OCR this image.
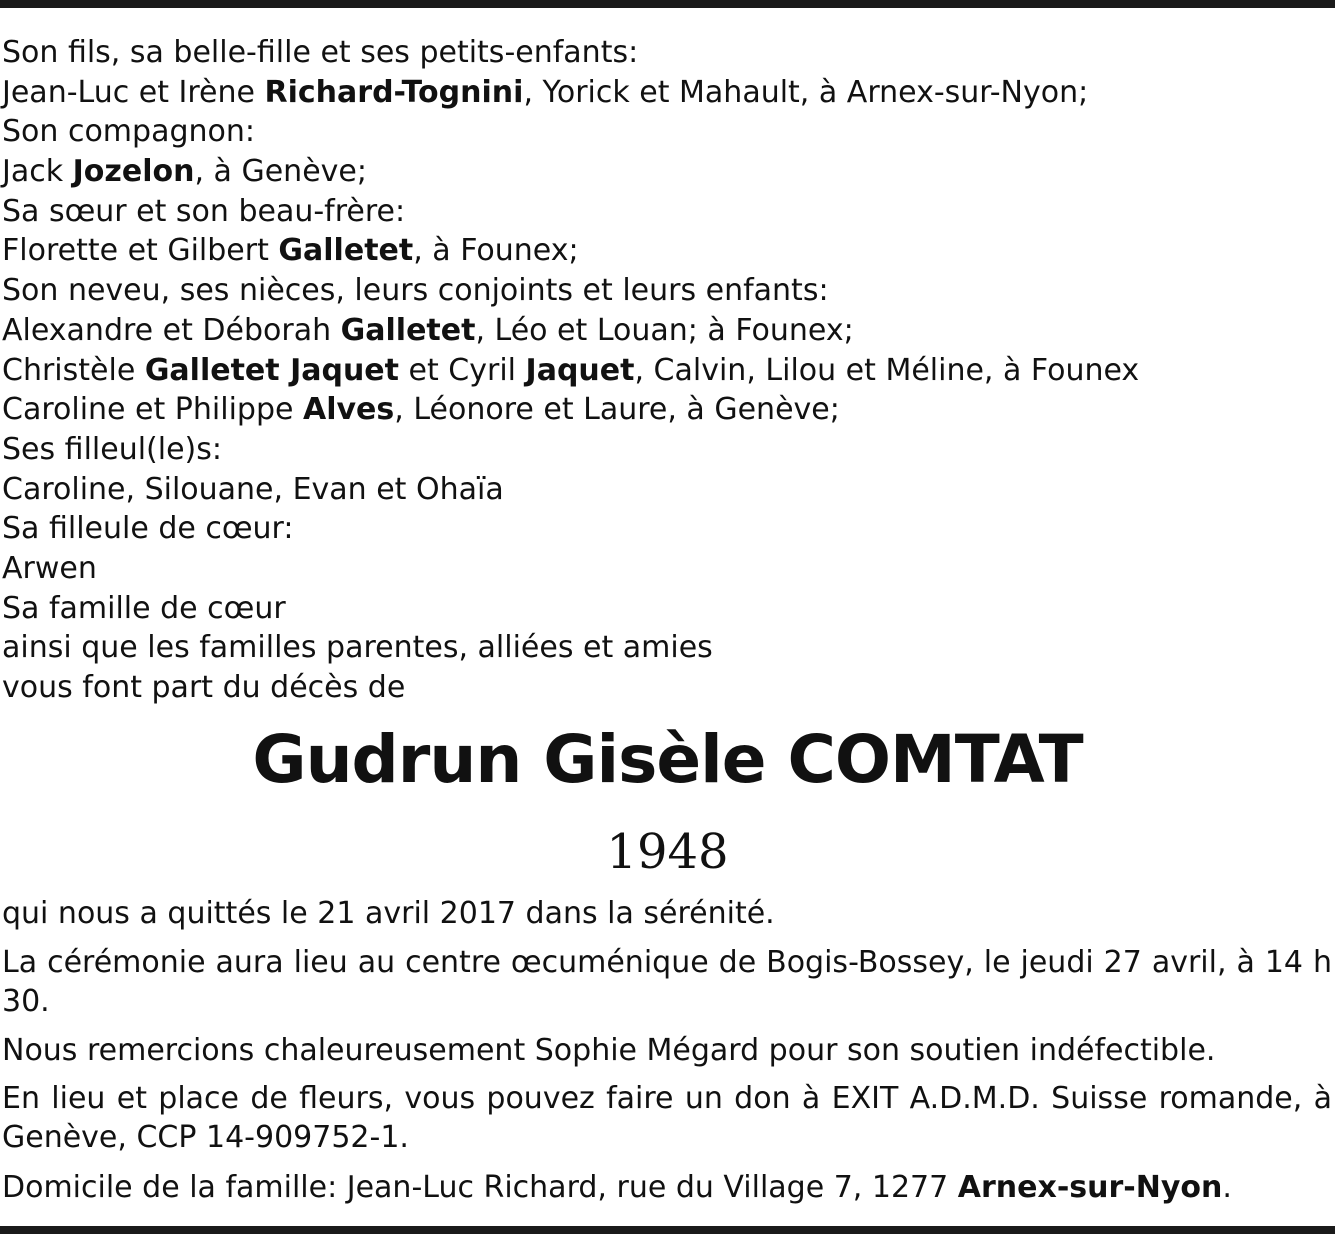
Son fils, sa belle-fille et ses petits-enfants:
Jean-Luc et Irène Richard-Tognini, Yorick et Mahault, à Arnex-sur-Nyon;
Son compagnon:
Jack Jozelon, à Genève;
Sa sœur et son beau-frère:
Florette et Gilbert Galletet, à Founex;
Son neveu, ses nièces, leurs conjoints et leurs enfants:
Alexandre et Déborah Galletet, Léo et Louan; à Founex;
Christèle Galletet Jaquet et Cyril Jaquet, Calvin, Lilou et Méline, à Founex
Caroline et Philippe Alves, Léonore et Laure, à Genève;
Ses filleul(le)s:
Caroline, Silouane, Evan et Ohaïa
Sa filleule de cœur:
Arwen
Sa famille de cœur
ainsi que les familles parentes, alliées et amies
vous font part du décès de
Gudrun Gisèle COMTAT
1948
qui nous a quittés le 21 avril 2017 dans la sérénité.
La cérémonie aura lieu au centre œcuménique de Bogis-Bossey, le jeudi 27 avril, à 14 h 30.
Nous remercions chaleureusement Sophie Mégard pour son soutien indéfectible.
En lieu et place de fleurs, vous pouvez faire un don à EXIT A.D.M.D. Suisse romande, à Genève, CCP 14-909752-1.
Domicile de la famille: Jean-Luc Richard, rue du Village 7, 1277 Arnex-sur-Nyon.
